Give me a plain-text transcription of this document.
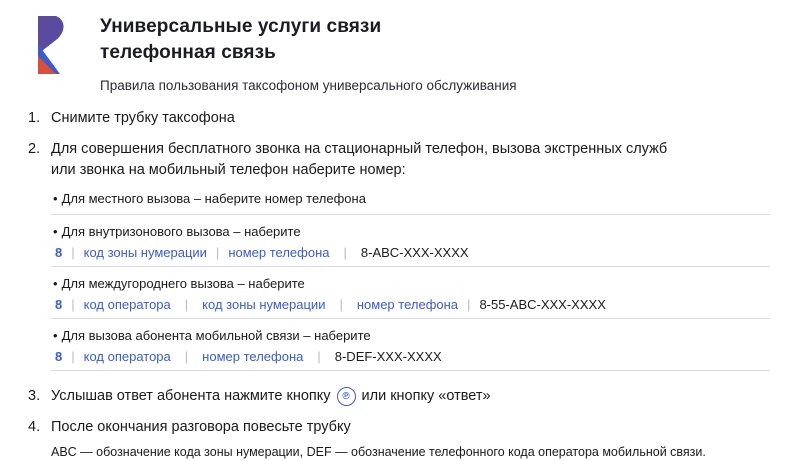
Универсальные услуги связи
телефонная связь
Правила пользования таксофоном универсального обслуживания
1. Снимите трубку таксофона
2. Для совершения бесплатного звонка на стационарный телефон, вызова экстренных служб
или звонка на мобильный телефон наберите номер:
• Для местного вызова – наберите номер телефона
• Для внутризонового вызова – наберите
8 | код зоны нумерации | номер телефона | 8-ABC-XXX-XXXX
• Для междугороднего вызова – наберите
8 | код оператора | код зоны нумерации | номер телефона | 8-55-ABC-XXX-XXXX
• Для вызова абонента мобильной связи – наберите
8 | код оператора | номер телефона | 8-DEF-XXX-XXXX
3. Услышав ответ абонента нажмите кнопку	℗ или кнопку «ответ»
4. После окончания разговора повесьте трубку
ABC — обозначение кода зоны нумерации, DEF — обозначение телефонного кода оператора мобильной связи.
